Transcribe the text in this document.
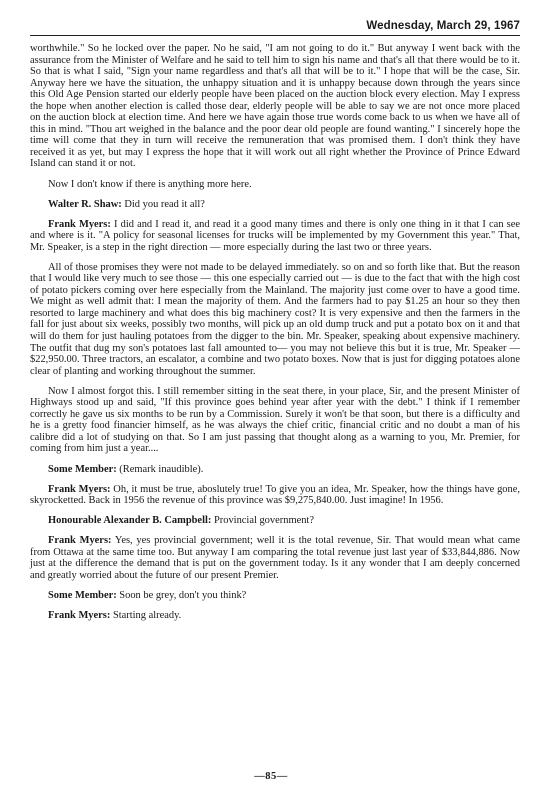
Wednesday, March 29, 1967

worthwhile." So he locked over the paper. No he said, "I am not going to do it." But anyway I went back with the assurance from the Minister of Welfare and he said to tell him to sign his name and that's all that there would be to it. So that is what I said, "Sign your name regardless and that's all that will be to it." I hope that will be the case, Sir. Anyway here we have the situation, the unhappy situation and it is unhappy because down through the years since this Old Age Pension started our elderly people have been placed on the auction block every election. May I express the hope when another election is called those dear, elderly people will be able to say we are not once more placed on the auction block at election time. And here we have again those true words come back to us when we have all of this in mind. "Thou art weighed in the balance and the poor dear old people are found wanting." I sincerely hope the time will come that they in turn will receive the remuneration that was promised them. I don't think they have received it as yet, but may I express the hope that it will work out all right whether the Province of Prince Edward Island can stand it or not.

Now I don't know if there is anything more here.

Walter R. Shaw: Did you read it all?

Frank Myers: I did and I read it, and read it a good many times and there is only one thing in it that I can see and where is it. "A policy for seasonal licenses for trucks will be implemented by my Government this year." That, Mr. Speaker, is a step in the right direction — more especially during the last two or three years.

All of those promises they were not made to be delayed immediately. so on and so forth like that. But the reason that I would like very much to see those — this one especially carried out — is due to the fact that with the high cost of potato pickers coming over here especially from the Mainland. The majority just come over to have a good time. We might as well admit that: I mean the majority of them. And the farmers had to pay $1.25 an hour so they then resorted to large machinery and what does this big machinery cost? It is very expensive and then the farmers in the fall for just about six weeks, possibly two months, will pick up an old dump truck and put a potato box on it and that will do them for just hauling potatoes from the digger to the bin. Mr. Speaker, speaking about expensive machinery. The outfit that dug my son's potatoes last fall amounted to— you may not believe this but it is true, Mr. Speaker — $22,950.00. Three tractors, an escalator, a combine and two potato boxes. Now that is just for digging potatoes alone clear of planting and working throughout the summer.

Now I almost forgot this. I still remember sitting in the seat there, in your place, Sir, and the present Minister of Highways stood up and said, "If this province goes behind year after year with the debt." I think if I remember correctly he gave us six months to be run by a Commission. Surely it won't be that soon, but there is a difficulty and he is a gretty food financier himself, as he was always the chief critic, financial critic and no doubt a man of his calibre did a lot of studying on that. So I am just passing that thought along as a warning to you, Mr. Premier, for coming from him just a year....

Some Member: (Remark inaudible).

Frank Myers: Oh, it must be true, aboslutely true! To give you an idea, Mr. Speaker, how the things have gone, skyrocketted. Back in 1956 the revenue of this province was $9,275,840.00. Just imagine! In 1956.

Honourable Alexander B. Campbell: Provincial government?

Frank Myers: Yes, yes provincial government; well it is the total revenue, Sir. That would mean what came from Ottawa at the same time too. But anyway I am comparing the total revenue just last year of $33,844,886. Now just at the difference the demand that is put on the government today. Is it any wonder that I am deeply concerned and greatly worried about the future of our present Premier.

Some Member: Soon be grey, don't you think?

Frank Myers: Starting already.

—85—
